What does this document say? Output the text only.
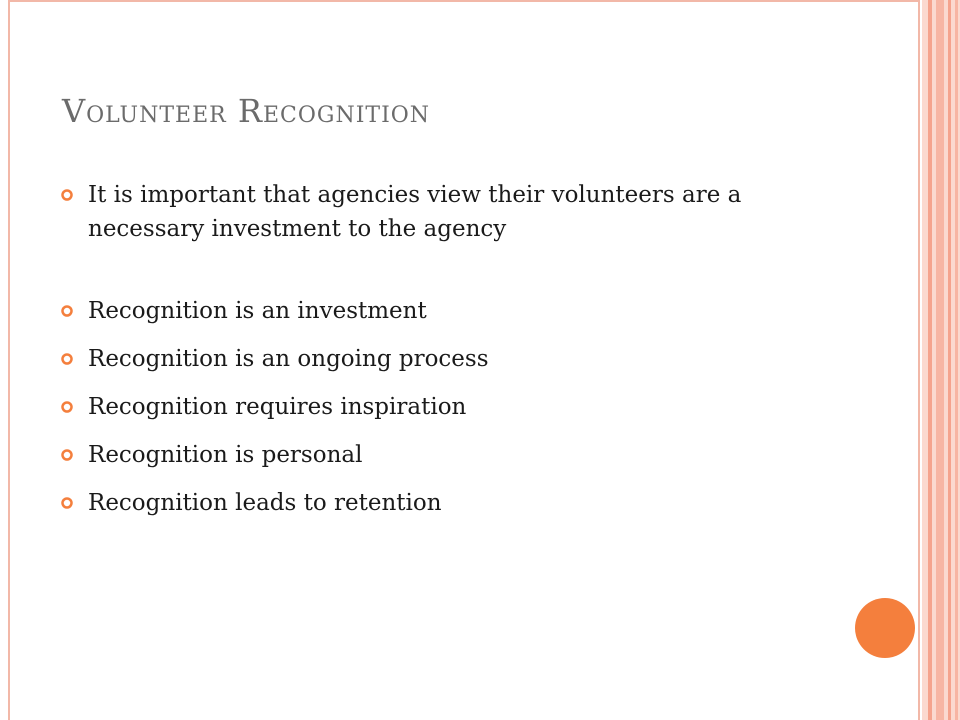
Volunteer Recognition
It is important that agencies view their volunteers are a necessary investment to the agency
Recognition is an investment
Recognition is an ongoing process
Recognition requires inspiration
Recognition is personal
Recognition leads to retention
